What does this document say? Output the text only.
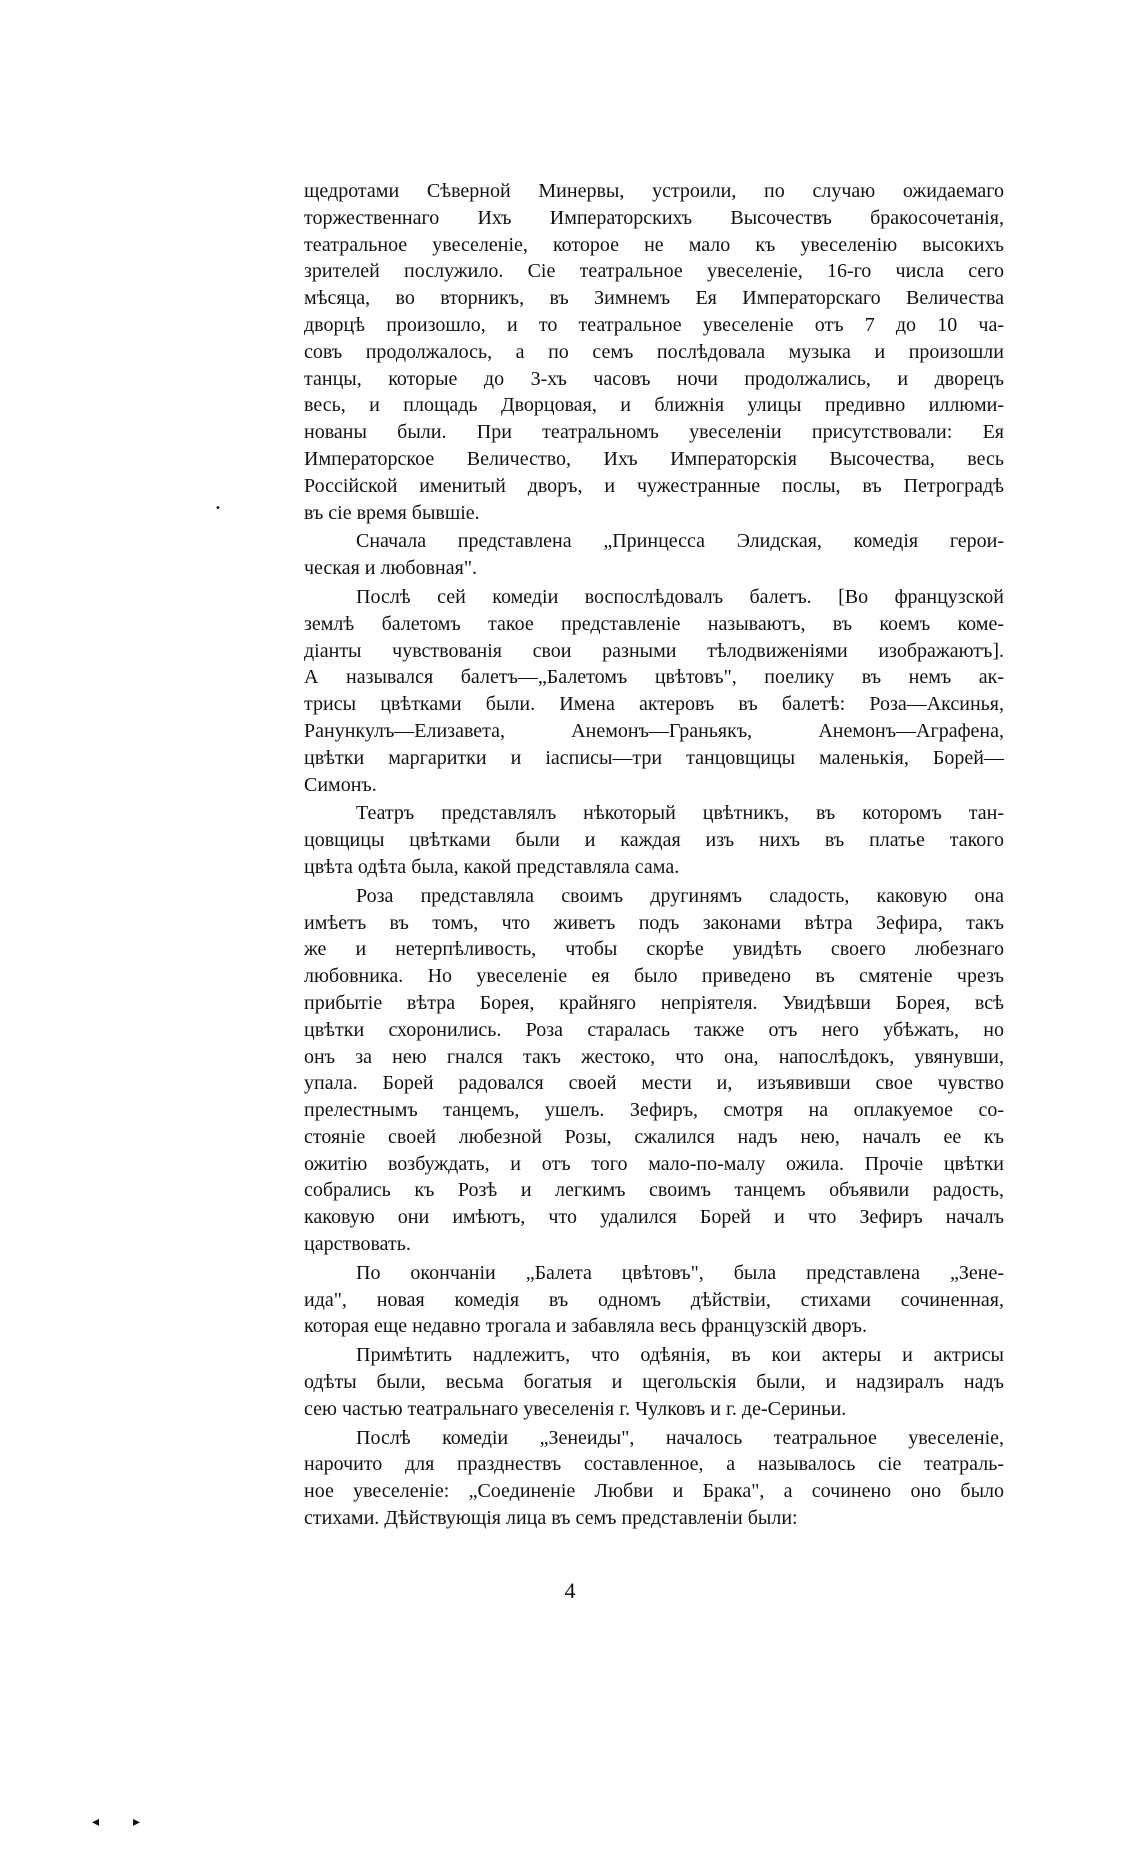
щедротами Сѣверной Минервы, устроили, по случаю ожидаемаго
торжественнаго Ихъ Императорскихъ Высочествъ бракосочетанія,
театральное увеселеніе, которое не мало къ увеселенію высокихъ
зрителей послужило. Сіе театральное увеселеніе, 16-го числа сего
мѣсяца, во вторникъ, въ Зимнемъ Ея Императорскаго Величества
дворцѣ произошло, и то театральное увеселеніе отъ 7 до 10 ча-
совъ продолжалось, а по семъ послѣдовала музыка и произошли
танцы, которые до 3-хъ часовъ ночи продолжались, и дворецъ
весь, и площадь Дворцовая, и ближнія улицы предивно иллюми-
нованы были. При театральномъ увеселеніи присутствовали: Ея
Императорское Величество, Ихъ Императорскія Высочества, весь
Россійской именитый дворъ, и чужестранные послы, въ Петроградѣ
въ сіе время бывшіе.
Сначала представлена „Принцесса Элидская, комедія герои-
ческая и любовная".
Послѣ сей комедіи воспослѣдовалъ балетъ. [Во французской
землѣ балетомъ такое представленіе называютъ, въ коемъ коме-
діанты чувствованія свои разными тѣлодвиженіями изображаютъ].
А назывался балетъ—„Балетомъ цвѣтовъ", поелику въ немъ ак-
трисы цвѣтками были. Имена актеровъ въ балетѣ: Роза—Аксинья,
Ранункулъ—Елизавета, Анемонъ—Граньякъ, Анемонъ—Аграфена,
цвѣтки маргаритки и іасписы—три танцовщицы маленькія, Борей—
Симонъ.
Театръ представлялъ нѣкоторый цвѣтникъ, въ которомъ тан-
цовщицы цвѣтками были и каждая изъ нихъ въ платье такого
цвѣта одѣта была, какой представляла сама.
Роза представляла своимъ другинямъ сладость, каковую она
имѣетъ въ томъ, что живетъ подъ законами вѣтра Зефира, такъ
же и нетерпѣливость, чтобы скорѣе увидѣть своего любезнаго
любовника. Но увеселеніе ея было приведено въ смятеніе чрезъ
прибытіе вѣтра Борея, крайняго непріятеля. Увидѣвши Борея, всѣ
цвѣтки схоронились. Роза старалась также отъ него убѣжать, но
онъ за нею гнался такъ жестоко, что она, напослѣдокъ, увянувши,
упала. Борей радовался своей мести и, изъявивши свое чувство
прелестнымъ танцемъ, ушелъ. Зефиръ, смотря на оплакуемое со-
стояніе своей любезной Розы, сжалился надъ нею, началъ ее къ
ожитію возбуждать, и отъ того мало-по-малу ожила. Прочіе цвѣтки
собрались къ Розѣ и легкимъ своимъ танцемъ объявили радость,
каковую они имѣютъ, что удалился Борей и что Зефиръ началъ
царствовать.
По окончаніи „Балета цвѣтовъ", была представлена „Зене-
ида", новая комедія въ одномъ дѣйствіи, стихами сочиненная,
которая еще недавно трогала и забавляла весь французскій дворъ.
Примѣтить надлежитъ, что одѣянія, въ кои актеры и актрисы
одѣты были, весьма богатыя и щегольскія были, и надзиралъ надъ
сею частью театральнаго увеселенія г. Чулковъ и г. де-Сериньи.
Послѣ комедіи „Зенеиды", началось театральное увеселеніе,
нарочито для празднествъ составленное, а называлось сіе театраль-
ное увеселеніе: „Соединеніе Любви и Брака", а сочинено оно было
стихами. Дѣйствующія лица въ семъ представленіи были:
4
•
◂ ▸
